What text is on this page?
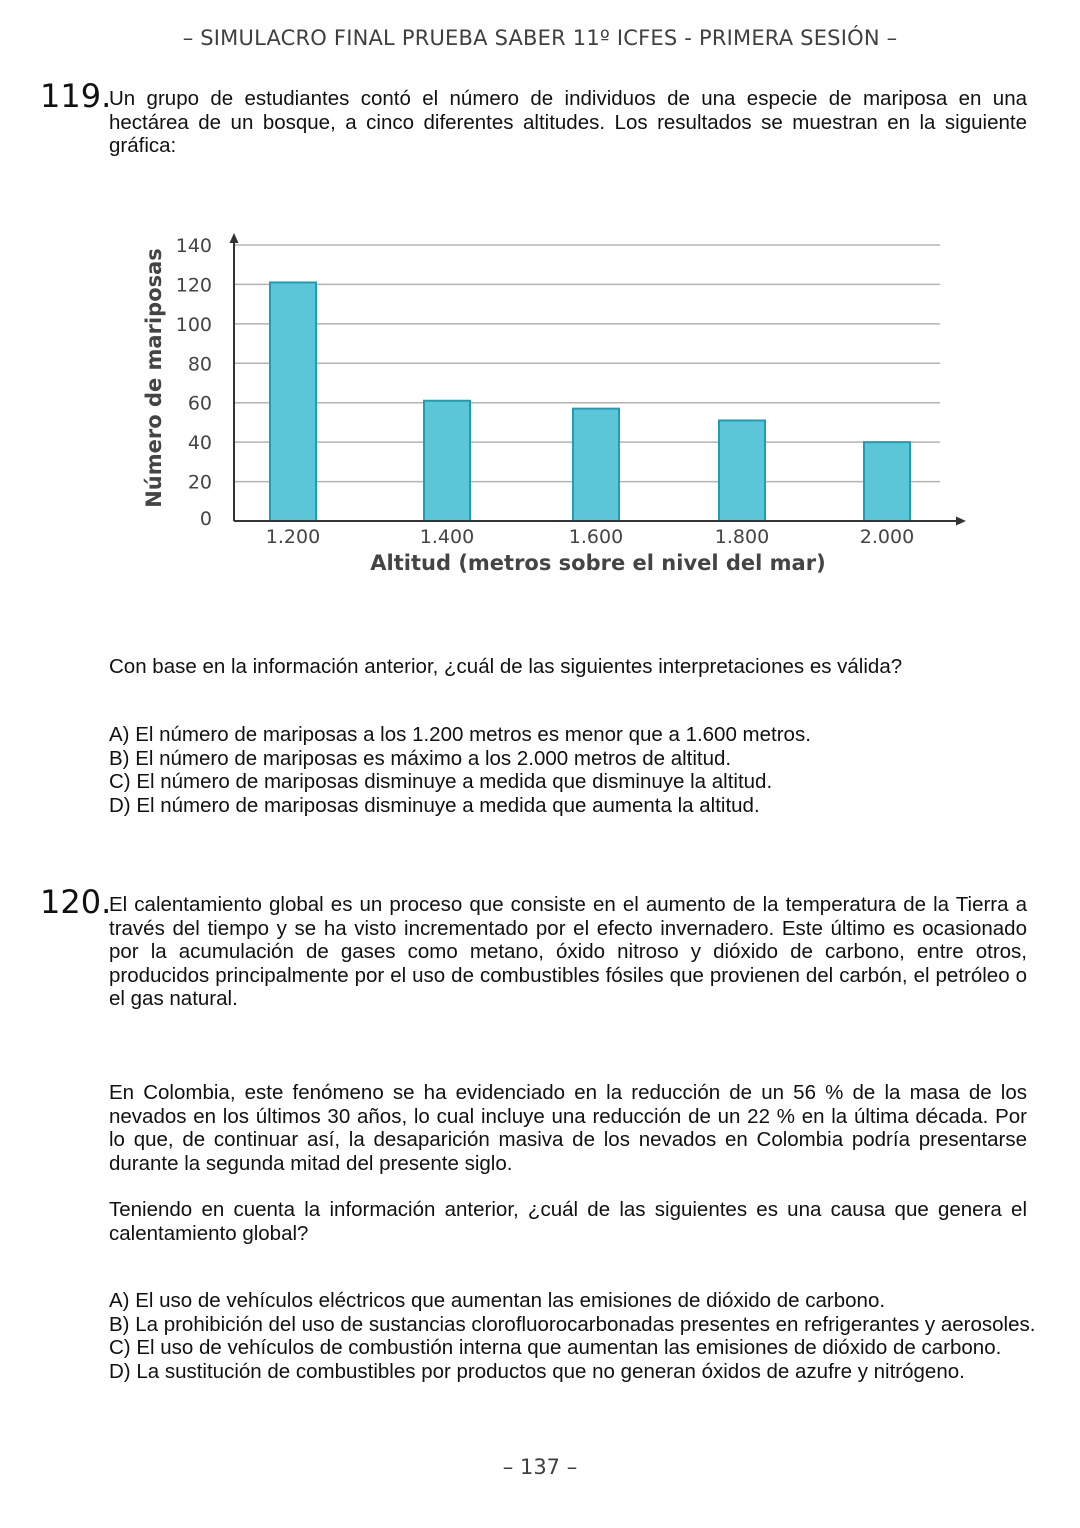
– SIMULACRO FINAL PRUEBA SABER 11º ICFES - PRIMERA SESIÓN –
119.

Un grupo de estudiantes contó el número de individuos de una especie de mariposa en una hectárea de un bosque, a cinco diferentes altitudes. Los resultados se muestran en la siguiente gráfica:

0
20
40
60
80
100
120
140
1.200	1.400	1.600	1.800	2.000
Altitud (metros sobre el nivel del mar)
Número de mariposas

Con base en la información anterior, ¿cuál de las siguientes interpretaciones es válida?

A) El número de mariposas a los 1.200 metros es menor que a 1.600 metros.
B) El número de mariposas es máximo a los 2.000 metros de altitud.
C) El número de mariposas disminuye a medida que disminuye la altitud.
D) El número de mariposas disminuye a medida que aumenta la altitud.
120.

El calentamiento global es un proceso que consiste en el aumento de la temperatura de la Tierra a través del tiempo y se ha visto incrementado por el efecto invernadero. Este último es ocasionado por la acumulación de gases como metano, óxido nitroso y dióxido de carbono, entre otros, producidos principalmente por el uso de combustibles fósiles que provienen del carbón, el petróleo o el gas natural.

En Colombia, este fenómeno se ha evidenciado en la reducción de un 56 % de la masa de los nevados en los últimos 30 años, lo cual incluye una reducción de un 22 % en la última década. Por lo que, de continuar así, la desaparición masiva de los nevados en Colombia podría presentarse durante la segunda mitad del presente siglo.

Teniendo en cuenta la información anterior, ¿cuál de las siguientes es una causa que genera el calentamiento global?

A) El uso de vehículos eléctricos que aumentan las emisiones de dióxido de carbono.
B) La prohibición del uso de sustancias clorofluorocarbonadas presentes en refrigerantes y aerosoles.
C) El uso de vehículos de combustión interna que aumentan las emisiones de dióxido de carbono.
D) La sustitución de combustibles por productos que no generan óxidos de azufre y nitrógeno.
– 137 –
